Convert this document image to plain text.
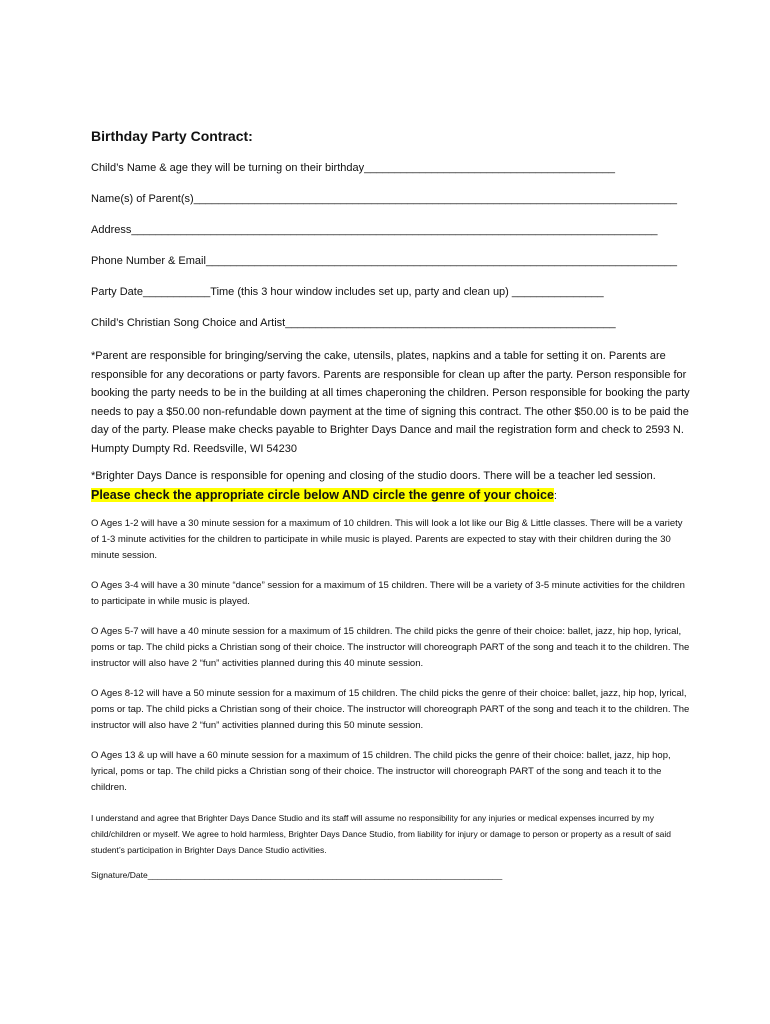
Birthday Party Contract:
Child’s Name & age they will be turning on their birthday_________________________________________
Name(s) of Parent(s)_______________________________________________________________________________
Address______________________________________________________________________________________
Phone Number & Email_____________________________________________________________________________
Party Date___________Time (this 3 hour window includes set up, party and clean up) _______________
Child’s Christian Song Choice and Artist______________________________________________________
*Parent are responsible for bringing/serving the cake, utensils, plates, napkins and a table for setting it on. Parents are responsible for any decorations or party favors. Parents are responsible for clean up after the party. Person responsible for booking the party needs to be in the building at all times chaperoning the children. Person responsible for booking the party needs to pay a $50.00 non-refundable down payment at the time of signing this contract. The other $50.00 is to be paid the day of the party. Please make checks payable to Brighter Days Dance and mail the registration form and check to 2593 N. Humpty Dumpty Rd. Reedsville, WI 54230
*Brighter Days Dance is responsible for opening and closing of the studio doors. There will be a teacher led session. Please check the appropriate circle below AND circle the genre of your choice:
O Ages 1-2 will have a 30 minute session for a maximum of 10 children. This will look a lot like our Big & Little classes. There will be a variety of 1-3 minute activities for the children to participate in while music is played. Parents are expected to stay with their children during the 30 minute session.
O Ages 3-4 will have a 30 minute “dance” session for a maximum of 15 children. There will be a variety of 3-5 minute activities for the children to participate in while music is played.
O Ages 5-7 will have a 40 minute session for a maximum of 15 children. The child picks the genre of their choice: ballet, jazz, hip hop, lyrical, poms or tap. The child picks a Christian song of their choice. The instructor will choreograph PART of the song and teach it to the children. The instructor will also have 2 “fun” activities planned during this 40 minute session.
O Ages 8-12 will have a 50 minute session for a maximum of 15 children. The child picks the genre of their choice: ballet, jazz, hip hop, lyrical, poms or tap. The child picks a Christian song of their choice. The instructor will choreograph PART of the song and teach it to the children. The instructor will also have 2 “fun” activities planned during this 50 minute session.
O Ages 13 & up will have a 60 minute session for a maximum of 15 children. The child picks the genre of their choice: ballet, jazz, hip hop, lyrical, poms or tap. The child picks a Christian song of their choice. The instructor will choreograph PART of the song and teach it to the children.
I understand and agree that Brighter Days Dance Studio and its staff will assume no responsibility for any injuries or medical expenses incurred by my child/children or myself. We agree to hold harmless, Brighter Days Dance Studio, from liability for injury or damage to person or property as a result of said student’s participation in Brighter Days Dance Studio activities.
Signature/Date___________________________________________________________________________
